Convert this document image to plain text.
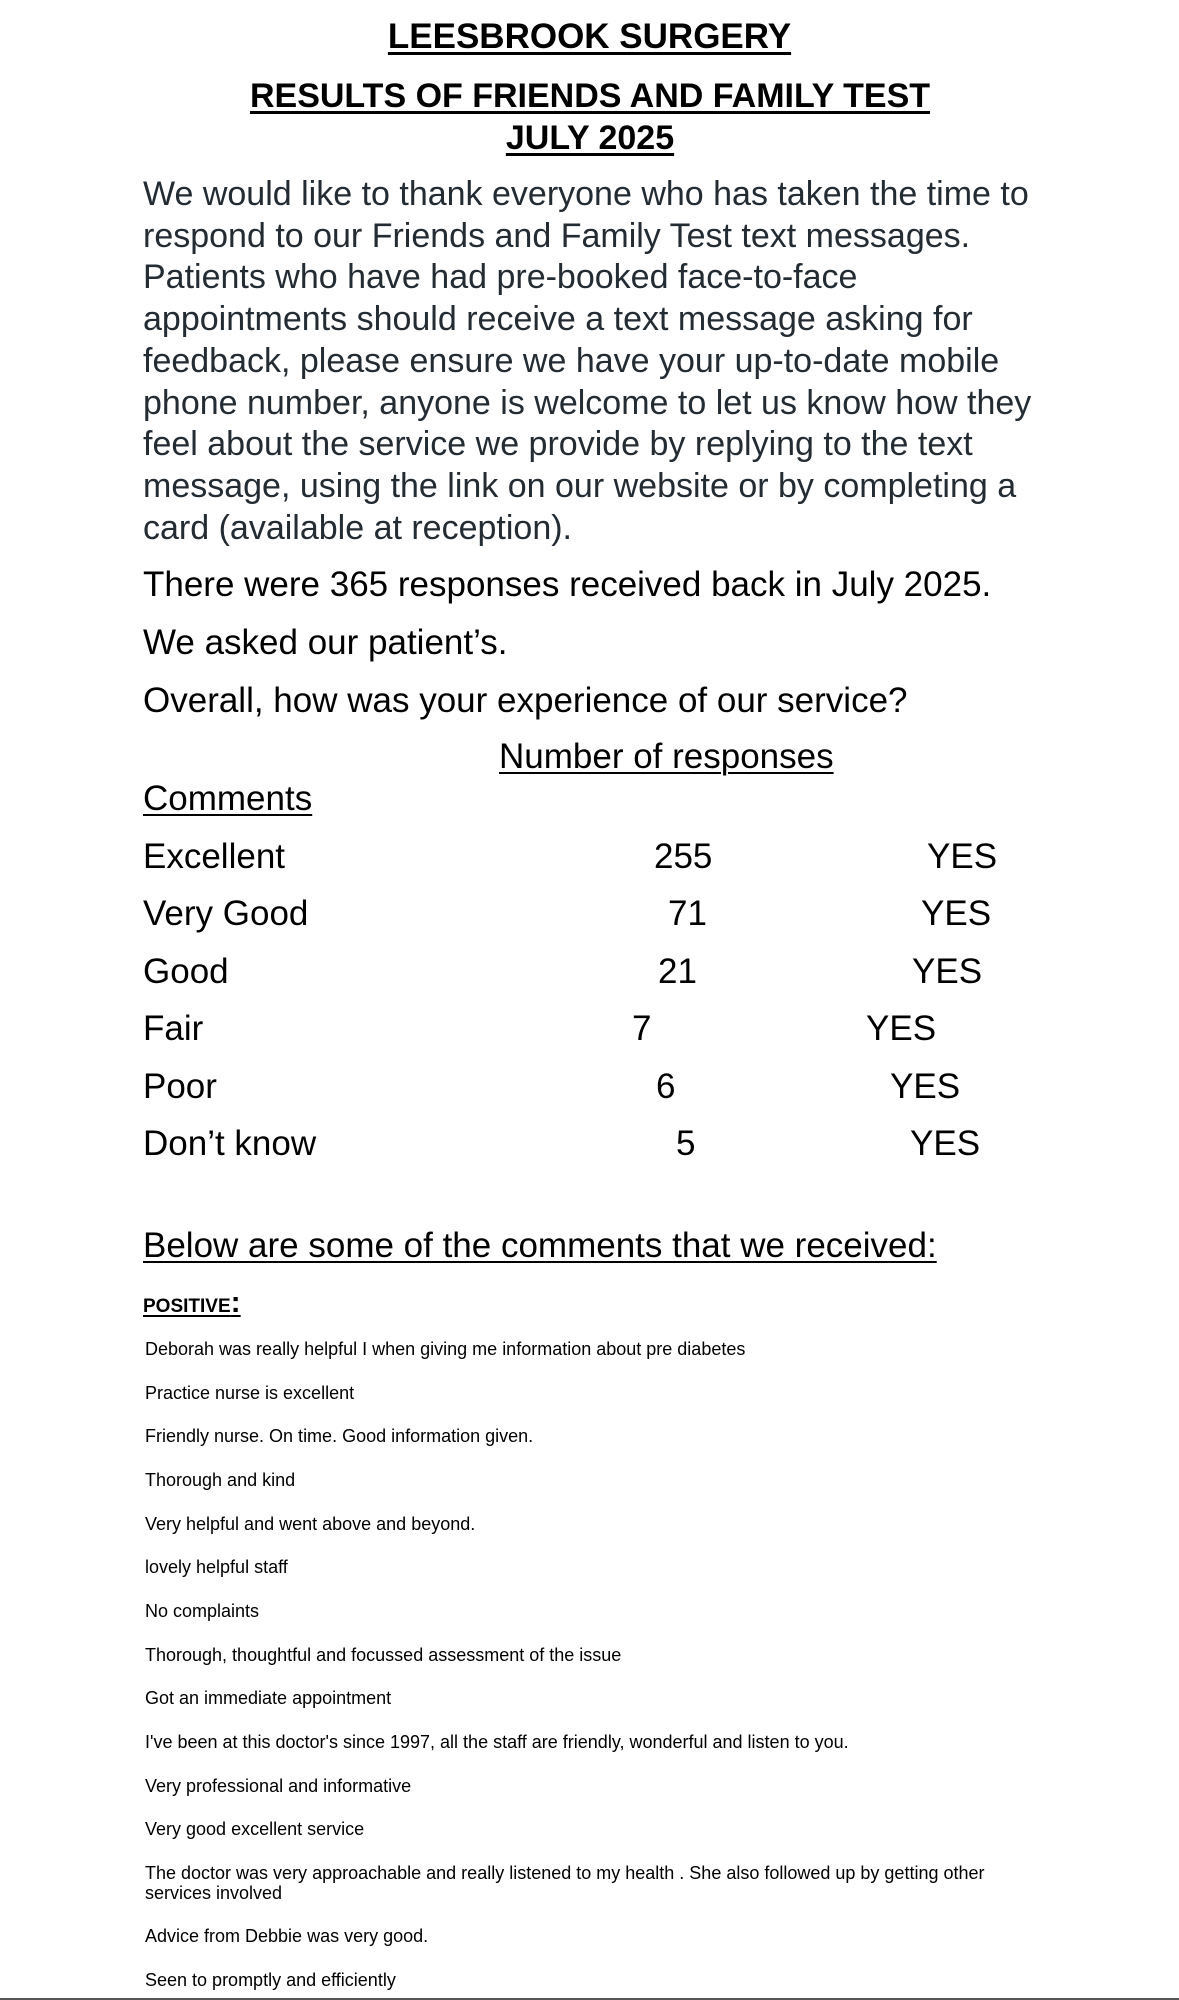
LEESBROOK SURGERY
RESULTS OF FRIENDS AND FAMILY TEST JULY 2025

We would like to thank everyone who has taken the time to respond to our Friends and Family Test text messages. Patients who have had pre-booked face-to-face appointments should receive a text message asking for feedback, please ensure we have your up-to-date mobile phone number, anyone is welcome to let us know how they feel about the service we provide by replying to the text message, using the link on our website or by completing a card (available at reception).

There were 365 responses received back in July 2025.

We asked our patient’s.

Overall, how was your experience of our service?

Number of responses
Comments
Excellent	255	YES
Very Good	71	YES
Good	21	YES
Fair	7	YES
Poor	6	YES
Don’t know	5	YES
Below are some of the comments that we received:
POSITIVE:

Deborah was really helpful I when giving me information about pre diabetes

Practice nurse is excellent

Friendly nurse. On time. Good information given.

Thorough and kind

Very helpful and went above and beyond.

lovely helpful staff

No complaints

Thorough, thoughtful and focussed assessment of the issue

Got an immediate appointment

I've been at this doctor's since 1997, all the staff are friendly, wonderful and listen to you.

Very professional and informative

Very good excellent service

The doctor was very approachable and really listened to my health . She also followed up by getting other services involved

Advice from Debbie was very good.

Seen to promptly and efficiently
